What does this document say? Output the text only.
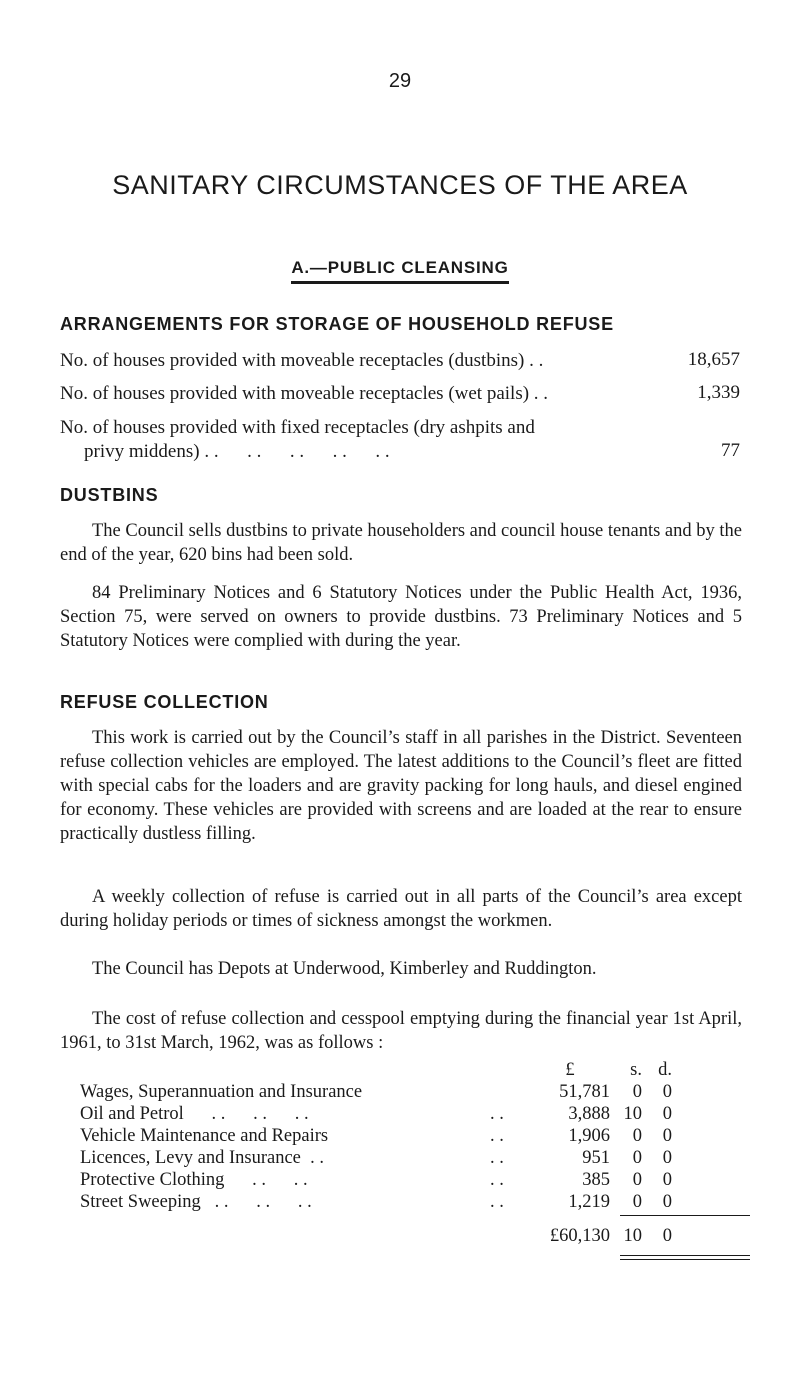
29
SANITARY CIRCUMSTANCES OF THE AREA
A.—PUBLIC CLEANSING
ARRANGEMENTS FOR STORAGE OF HOUSEHOLD REFUSE
No. of houses provided with moveable receptacles (dustbins) . .	18,657
No. of houses provided with moveable receptacles (wet pails) . .	1,339
No. of houses provided with fixed receptacles (dry ashpits and
privy middens) . .      . .      . .      . .      . .	77
DUSTBINS

The Council sells dustbins to private householders and council house tenants and by the end of the year, 620 bins had been sold.

84 Preliminary Notices and 6 Statutory Notices under the Public Health Act, 1936, Section 75, were served on owners to provide dustbins. 73 Preliminary Notices and 5 Statutory Notices were complied with during the year.

REFUSE COLLECTION

This work is carried out by the Council’s staff in all parishes in the District. Seventeen refuse collection vehicles are employed. The latest additions to the Council’s fleet are fitted with special cabs for the loaders and are gravity packing for long hauls, and diesel engined for economy. These vehicles are provided with screens and are loaded at the rear to ensure practically dustless filling.

A weekly collection of refuse is carried out in all parts of the Council’s area except during holiday periods or times of sickness amongst the workmen.

The Council has Depots at Underwood, Kimberley and Ruddington.

The cost of refuse collection and cesspool emptying during the financial year 1st April, 1961, to 31st March, 1962, was as follows :

£	s. d.
Wages, Superannuation and Insurance	51,781	0	0
Oil and Petrol      . .      . .      . .	. .	3,888 10	0
Vehicle Maintenance and Repairs	. .	1,906	0	0
Licences, Levy and Insurance  . .	. .	951	0	0
Protective Clothing      . .      . .	. .	385	0	0
Street Sweeping   . .      . .      . .	. .	1,219	0	0
£60,130 10	0
